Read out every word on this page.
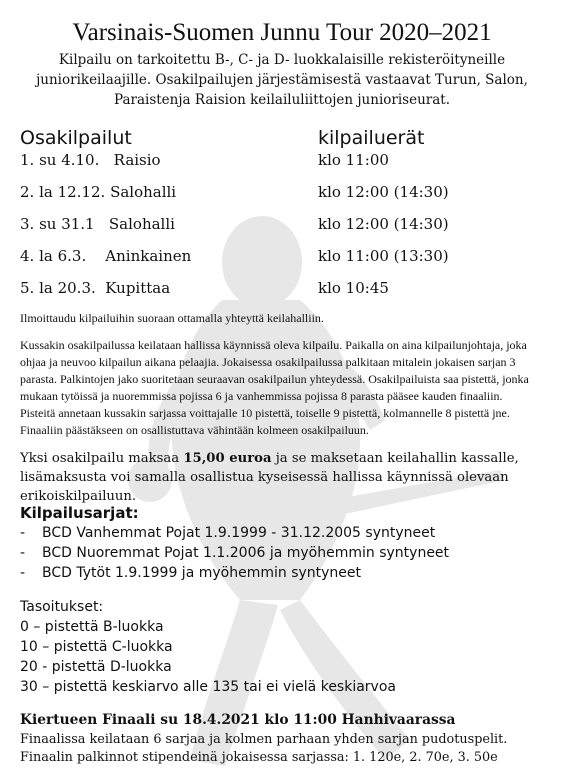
Varsinais-Suomen Junnu Tour 2020–2021
Kilpailu on tarkoitettu B-, C- ja D- luokkalaisille rekisteröityneille juniorikeilaajille. Osakilpailujen järjestämisestä vastaavat Turun, Salon, Paraistenja Raision keilailuliittojen junioriseurat.
Osakilpailut	kilpailuerät
1. su 4.10.   Raisio	klo 11:00
2. la 12.12. Salohalli	klo 12:00 (14:30)
3. su 31.1   Salohalli	klo 12:00 (14:30)
4. la 6.3.    Aninkainen	klo 11:00 (13:30)
5. la 20.3.  Kupittaa	klo 10:45
Ilmoittaudu kilpailuihin suoraan ottamalla yhteyttä keilahalliin.
Kussakin osakilpailussa keilataan hallissa käynnissä oleva kilpailu. Paikalla on aina kilpailunjohtaja, joka ohjaa ja neuvoo kilpailun aikana pelaajia. Jokaisessa osakilpailussa palkitaan mitalein jokaisen sarjan 3 parasta. Palkintojen jako suoritetaan seuraavan osakilpailun yhteydessä. Osakilpailuista saa pistettä, jonka mukaan tytöissä ja nuoremmissa pojissa 6 ja vanhemmissa pojissa 8 parasta pääsee kauden finaaliin. Pisteitä annetaan kussakin sarjassa voittajalle 10 pistettä, toiselle 9 pistettä, kolmannelle 8 pistettä jne. Finaaliin päästäkseen on osallistuttava vähintään kolmeen osakilpailuun.
Yksi osakilpailu maksaa 15,00 euroa ja se maksetaan keilahallin kassalle, lisämaksusta voi samalla osallistua kyseisessä hallissa käynnissä olevaan erikoiskilpailuun.
Kilpailusarjat:
- BCD Vanhemmat Pojat 1.9.1999 - 31.12.2005 syntyneet
- BCD Nuoremmat Pojat 1.1.2006 ja myöhemmin syntyneet
- BCD Tytöt 1.9.1999 ja myöhemmin syntyneet
Tasoitukset:
0 – pistettä B-luokka
10 – pistettä C-luokka
20 - pistettä D-luokka
30 – pistettä keskiarvo alle 135 tai ei vielä keskiarvoa
Kiertueen Finaali su 18.4.2021 klo 11:00 Hanhivaarassa
Finaalissa keilataan 6 sarjaa ja kolmen parhaan yhden sarjan pudotuspelit.
Finaalin palkinnot stipendeinä jokaisessa sarjassa: 1. 120e, 2. 70e, 3. 50e
